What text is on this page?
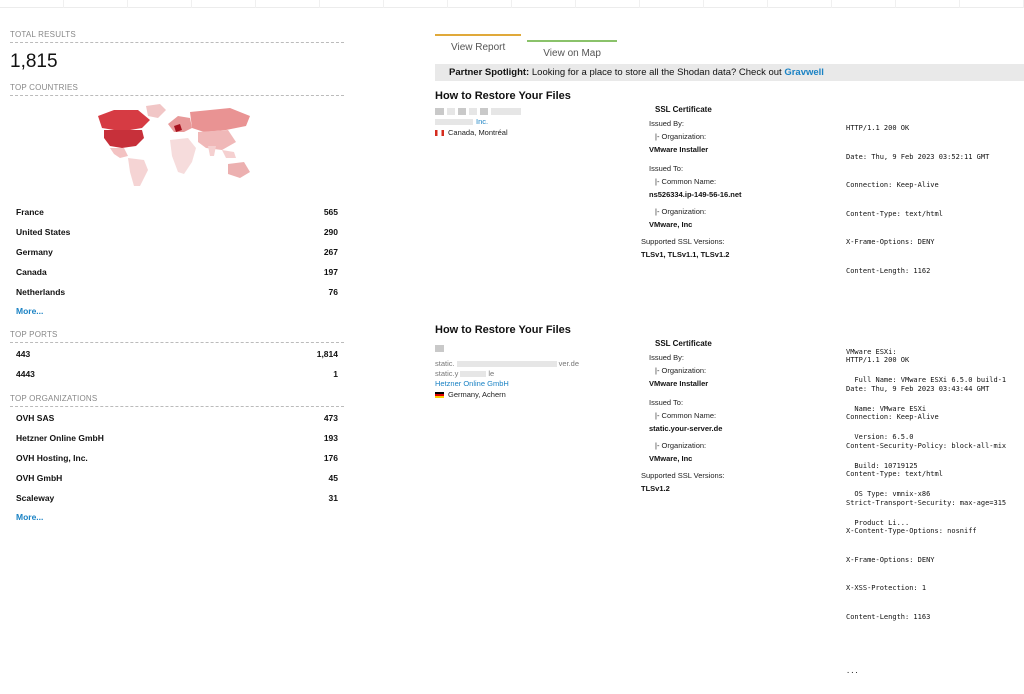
TOTAL RESULTS
1,815
TOP COUNTRIES
France	565
United States	290
Germany	267
Canada	197
Netherlands	76
More...
TOP PORTS
443	1,814
4443	1
TOP ORGANIZATIONS
OVH SAS	473
Hetzner Online GmbH	193
OVH Hosting, Inc.	176
OVH GmbH	45
Scaleway	31
More...
View Report
View on Map
Partner Spotlight: Looking for a place to store all the Shodan data? Check out Gravwell
How to Restore Your Files
Inc.
Canada, Montréal
SSL Certificate
Issued By:
|- Organization:
VMware Installer
Issued To:
|- Common Name:
ns526334.ip-149-56-16.net
|- Organization:
VMware, Inc
Supported SSL Versions:
TLSv1, TLSv1.1, TLSv1.2

HTTP/1.1 200 OK

Date: Thu, 9 Feb 2023 03:52:11 GMT

Connection: Keep-Alive

Content-Type: text/html

X-Frame-Options: DENY

Content-Length: 1162

VMware ESXi:

Full Name: VMware ESXi 6.5.0 build-1

Name: VMware ESXi

Version: 6.5.0

Build: 10719125

OS Type: vmnix-x86

Product Li...

How to Restore Your Files
static.	ver.de
static.y	le
Hetzner Online GmbH
Germany, Achern
SSL Certificate
Issued By:
|- Organization:
VMware Installer
Issued To:
|- Common Name:
static.your-server.de
|- Organization:
VMware, Inc
Supported SSL Versions:
TLSv1.2

HTTP/1.1 200 OK

Date: Thu, 9 Feb 2023 03:43:44 GMT

Connection: Keep-Alive

Content-Security-Policy: block-all-mix

Content-Type: text/html

Strict-Transport-Security: max-age=315

X-Content-Type-Options: nosniff

X-Frame-Options: DENY

X-XSS-Protection: 1

Content-Length: 1163

...
